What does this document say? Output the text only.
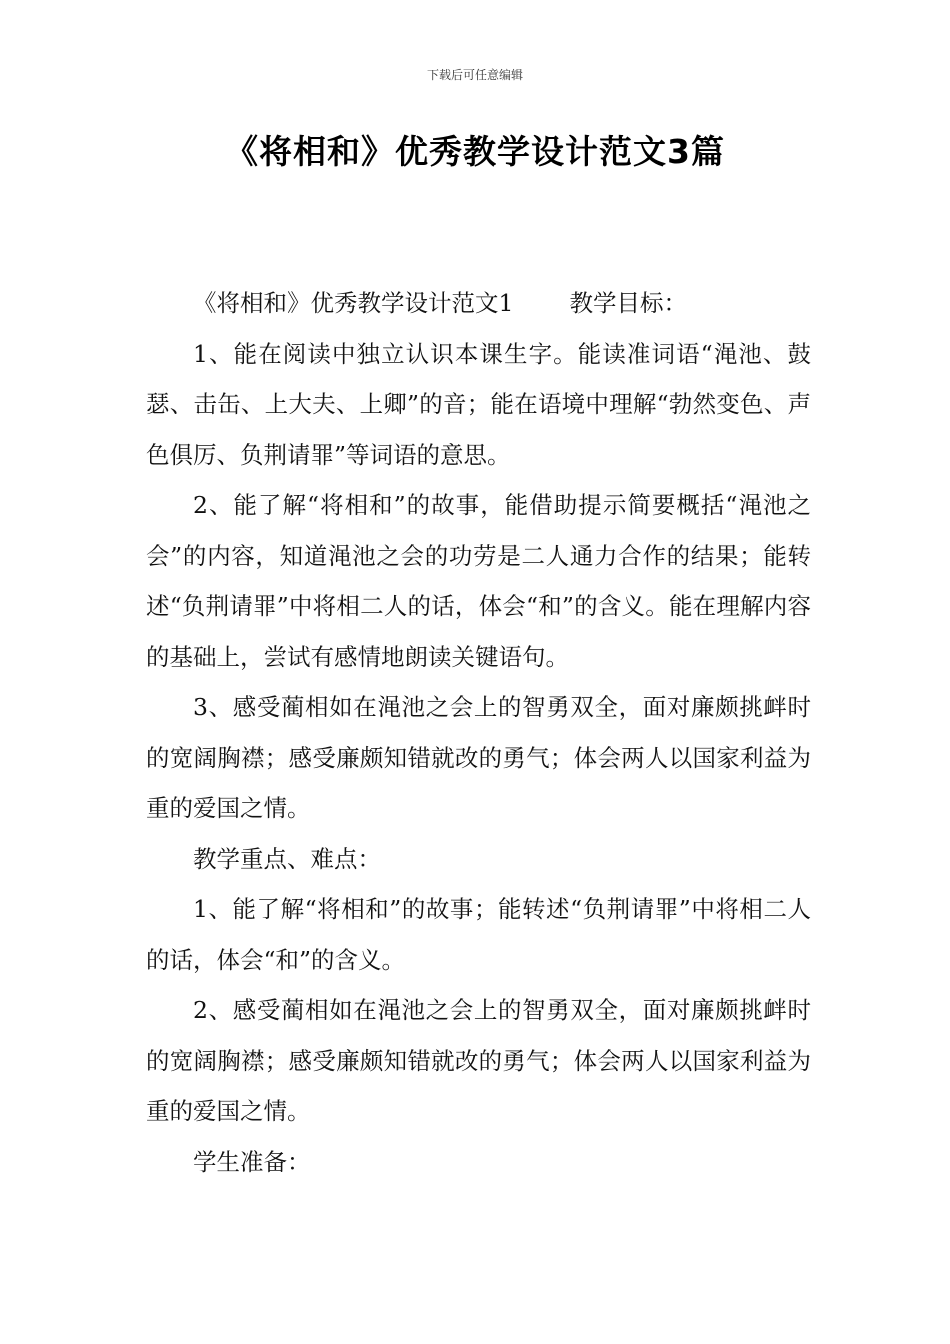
下载后可任意编辑
《将相和》优秀教学设计范文3篇

《将相和》优秀教学设计范文1 教学目标：

1、能在阅读中独立认识本课生字。能读准词语“渑池、鼓瑟、击缶、上大夫、上卿”的音；能在语境中理解“勃然变色、声色俱厉、负荆请罪”等词语的意思。

2、能了解“将相和”的故事，能借助提示简要概括“渑池之会”的内容，知道渑池之会的功劳是二人通力合作的结果；能转述“负荆请罪”中将相二人的话，体会“和”的含义。能在理解内容的基础上，尝试有感情地朗读关键语句。

3、感受蔺相如在渑池之会上的智勇双全，面对廉颇挑衅时的宽阔胸襟；感受廉颇知错就改的勇气；体会两人以国家利益为重的爱国之情。

教学重点、难点：

1、能了解“将相和”的故事；能转述“负荆请罪”中将相二人的话，体会“和”的含义。

2、感受蔺相如在渑池之会上的智勇双全，面对廉颇挑衅时的宽阔胸襟；感受廉颇知错就改的勇气；体会两人以国家利益为重的爱国之情。

学生准备：
